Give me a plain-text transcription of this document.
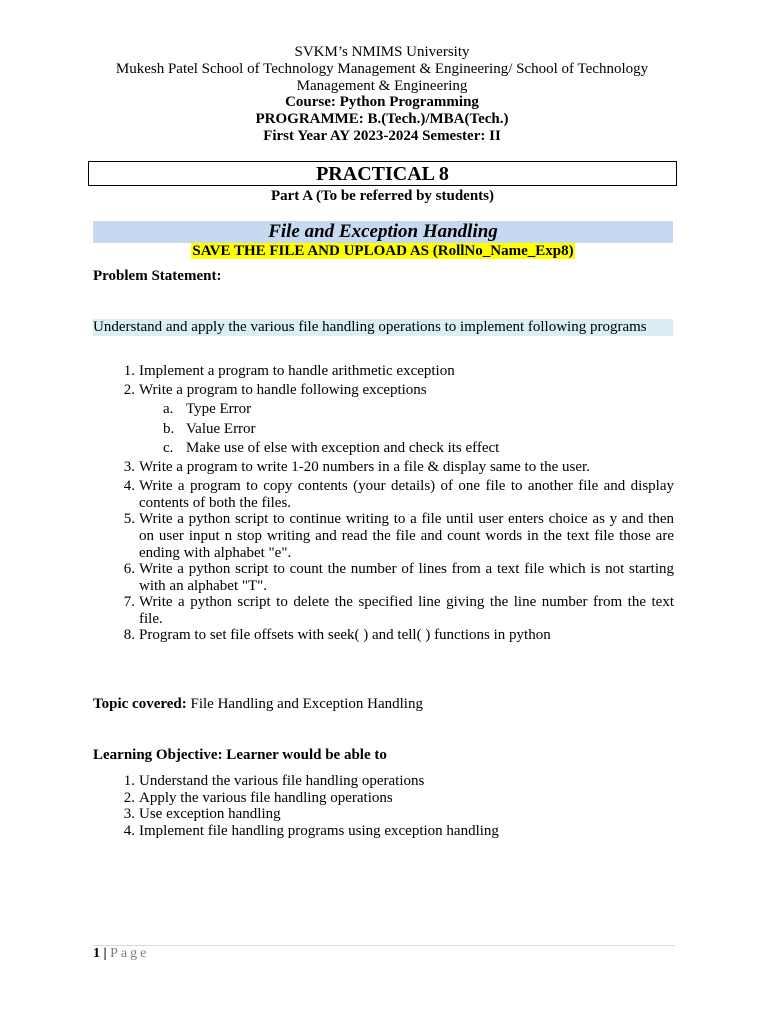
SVKM’s NMIMS University
Mukesh Patel School of Technology Management & Engineering/ School of Technology
Management & Engineering
Course: Python Programming
PROGRAMME: B.(Tech.)/MBA(Tech.)
First Year AY 2023-2024 Semester: II
PRACTICAL 8
Part A (To be referred by students)
File and Exception Handling
SAVE THE FILE AND UPLOAD AS (RollNo_Name_Exp8)
Problem Statement:
Understand and apply the various file handling operations to implement following programs
1. Implement a program to handle arithmetic exception
2. Write a program to handle following exceptions
a. Type Error
b. Value Error
c. Make use of else with exception and check its effect
3. Write a program to write 1-20 numbers in a file & display same to the user.
4. Write a program to copy contents (your details) of one file to another file and display contents of both the files.
5. Write a python script to continue writing to a file until user enters choice as y and then on user input n stop writing and read the file and count words in the text file those are ending with alphabet "e".
6. Write a python script to count the number of lines from a text file which is not starting with an alphabet "T".
7. Write a python script to delete the specified line giving the line number from the text file.
8. Program to set file offsets with seek( ) and tell( ) functions in python
Topic covered: File Handling and Exception Handling
Learning Objective: Learner would be able to
1. Understand the various file handling operations
2. Apply the various file handling operations
3. Use exception handling
4. Implement file handling programs using exception handling
1 | Page
